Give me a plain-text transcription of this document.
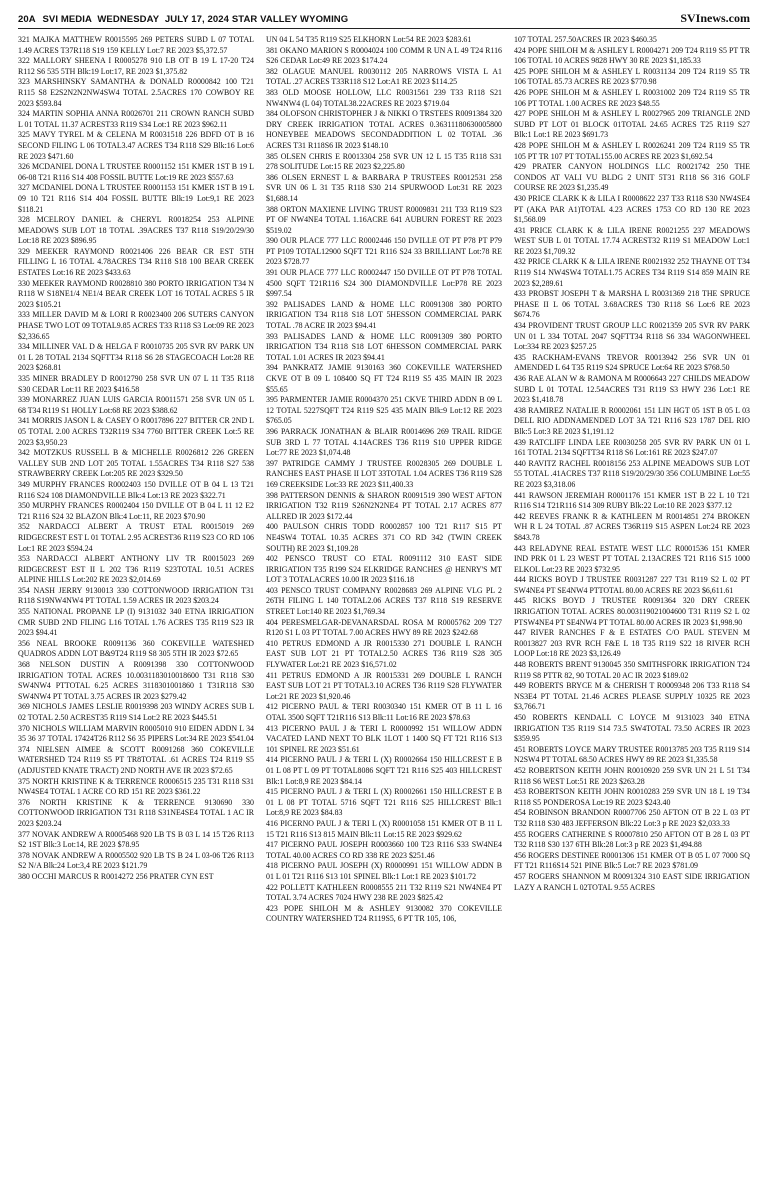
20A SVI MEDIA WEDNESDAY JULY 17, 2024 STAR VALLEY WYOMING	SVInews.com

321 MAJKA MATTHEW R0015595 269 PETERS SUBD L 07 TOTAL 1.49 ACRES T37R118 S19 159 KELLY Lot:7 RE 2023 $5,372.57

322 MALLORY SHEENA I R0005278 910 LB OT B 19 L 17-20 T24 R112 S6 535 5TH Blk:19 Lot:17, RE 2023 $1,375.82

323 MARSHINSKY SAMANTHA & DONALD R0000842 100 T21 R115 S8 E2S2N2N2NW4SW4 TOTAL 2.5ACRES 170 COWBOY RE 2023 $593.84

324 MARTIN SOPHIA ANNA R0026701 211 CROWN RANCH SUBD L 01 TOTAL 11.37 ACREST33 R119 S34 Lot:1 RE 2023 $962.11

325 MAVY TYREL M & CELENA M R0031518 226 BDFD OT B 16 SECOND FILING L 06 TOTAL3.47 ACRES T34 R118 S29 Blk:16 Lot:6 RE 2023 $471.60

326 MCDANIEL DONA L TRUSTEE R0001152 151 KMER 1ST B 19 L 06-08 T21 R116 S14 408 FOSSIL BUTTE Lot:19 RE 2023 $557.63

327 MCDANIEL DONA L TRUSTEE R0001153 151 KMER 1ST B 19 L 09 10 T21 R116 S14 404 FOSSIL BUTTE Blk:19 Lot:9,1 RE 2023 $118.21

328 MCELROY DANIEL & CHERYL R0018254 253 ALPINE MEADOWS SUB LOT 18 TOTAL .39ACRES T37 R118 S19/20/29/30 Lot:18 RE 2023 $896.95

329 MEEKER RAYMOND R0021406 226 BEAR CR EST 5TH FILLING L 16 TOTAL 4.78ACRES T34 R118 S18 100 BEAR CREEK ESTATES Lot:16 RE 2023 $433.63

330 MEEKER RAYMOND R0028810 380 PORTO IRRIGATION T34 N R118 W S18NE1/4 NE1/4 BEAR CREEK LOT 16 TOTAL ACRES 5 IR 2023 $105.21

333 MILLER DAVID M & LORI R R0023400 206 SUTERS CANYON PHASE TWO LOT 09 TOTAL9.85 ACRES T33 R118 S3 Lot:09 RE 2023 $2,336.65

334 MILLINER VAL D & HELGA F R0010735 205 SVR RV PARK UN 01 L 28 TOTAL 2134 SQFTT34 R118 S6 28 STAGECOACH Lot:28 RE 2023 $268.81

335 MINER BRADLEY D R0012790 258 SVR UN 07 L 11 T35 R118 S30 CEDAR Lot:11 RE 2023 $416.58

339 MONARREZ JUAN LUIS GARCIA R0011571 258 SVR UN 05 L 68 T34 R119 S1 HOLLY Lot:68 RE 2023 $388.62

341 MORRIS JASON L & CASEY O R0017896 227 BITTER CR 2ND L 05 TOTAL 2.00 ACRES T32R119 S34 7760 BITTER CREEK Lot:5 RE 2023 $3,950.23

342 MOTZKUS RUSSELL B & MICHELLE R0026812 226 GREEN VALLEY SUB 2ND LOT 205 TOTAL 1.55ACRES T34 R118 S27 538 STRAWBERRY CREEK Lot:205 RE 2023 $329.50

349 MURPHY FRANCES R0002403 150 DVILLE OT B 04 L 13 T21 R116 S24 108 DIAMONDVILLE Blk:4 Lot:13 RE 2023 $322.71

350 MURPHY FRANCES R0002404 150 DVILLE OT B 04 L 11 12 E2 T21 R116 S24 32 BLAZON Blk:4 Lot:11, RE 2023 $70.90

352 NARDACCI ALBERT A TRUST ETAL R0015019 269 RIDGECREST EST L 01 TOTAL 2.95 ACREST36 R119 S23 CO RD 106 Lot:1 RE 2023 $594.24

353 NARDACCI ALBERT ANTHONY LIV TR R0015023 269 RIDGECREST EST II L 202 T36 R119 S23TOTAL 10.51 ACRES ALPINE HILLS Lot:202 RE 2023 $2,014.69

354 NASH JERRY 9130013 330 COTTONWOOD IRRIGATION T31 R118 S19NW4NW4 PT TOTAL 1.59 ACRES IR 2023 $203.24

355 NATIONAL PROPANE LP (I) 9131032 340 ETNA IRRIGATION CMR SUBD 2ND FILING L16 TOTAL 1.76 ACRES T35 R119 S23 IR 2023 $94.41

356 NEAL BROOKE R0091136 360 COKEVILLE WATESHED QUADROS ADDN LOT B&9T24 R119 S8 305 5TH IR 2023 $72.65

368 NELSON DUSTIN A R0091398 330 COTTONWOOD IRRIGATION TOTAL ACRES 10.0031183010018600 T31 R118 S30 SW4NW4 PTTOTAL 6.25 ACRES 3118301001860 1 T31R118 S30 SW4NW4 PT TOTAL 3.75 ACRES IR 2023 $279.42

369 NICHOLS JAMES LESLIE R0019398 203 WINDY ACRES SUB L 02 TOTAL 2.50 ACREST35 R119 S14 Lot:2 RE 2023 $445.51

370 NICHOLS WILLIAM MARVIN R0005010 910 EIDEN ADDN L 34 35 36 37 TOTAL 17424T26 R112 S6 35 PIPERS Lot:34 RE 2023 $541.04

374 NIELSEN AIMEE & SCOTT R0091268 360 COKEVILLE WATERSHED T24 R119 S5 PT TR8TOTAL .61 ACRES T24 R119 S5 (ADJUSTED KNATE TRACT) 2ND NORTH AVE IR 2023 $72.65

375 NORTH KRISTINE K & TERRENCE R0006515 235 T31 R118 S31 NW4SE4 TOTAL 1 ACRE CO RD 151 RE 2023 $361.22

376 NORTH KRISTINE K & TERRENCE 9130690 330 COTTONWOOD IRRIGATION T31 R118 S31NE4SE4 TOTAL 1 AC IR 2023 $203.24

377 NOVAK ANDREW A R0005468 920 LB TS B 03 L 14 15 T26 R113 S2 1ST Blk:3 Lot:14, RE 2023 $78.95

378 NOVAK ANDREW A R0005502 920 LB TS B 24 L 03-06 T26 R113 S2 N/A Blk:24 Lot:3,4 RE 2023 $121.79

380 OCCHI MARCUS R R0014272 256 PRATER CYN EST

UN 04 L 54 T35 R119 S25 ELKHORN Lot:54 RE 2023 $283.61

381 OKANO MARION S R0004024 100 COMM R UN A L 49 T24 R116 S26 CEDAR Lot:49 RE 2023 $174.24

382 OLAGUE MANUEL R0030112 205 NARROWS VISTA L A1 TOTAL .27 ACRES T33R118 S12 Lot:A1 RE 2023 $114.25

383 OLD MOOSE HOLLOW, LLC R0031561 239 T33 R118 S21 NW4NW4 (L 04) TOTAL38.22ACRES RE 2023 $719.04

384 OLOFSON CHRISTOPHER J & NIKKI O TRSTEES R0091384 320 DRY CREEK IRRIGATION TOTAL ACRES 0.36311180630005800 HONEYBEE MEADOWS SECONDADDITION L 02 TOTAL .36 ACRES T31 R118S6 IR 2023 $148.10

385 OLSEN CHRIS E R0013304 258 SVR UN 12 L 15 T35 R118 S31 278 SOLITUDE Lot:15 RE 2023 $2,225.80

386 OLSEN ERNEST L & BARBARA P TRUSTEES R0012531 258 SVR UN 06 L 31 T35 R118 S30 214 SPURWOOD Lot:31 RE 2023 $1,688.14

388 ORTON MAXIENE LIVING TRUST R0009831 211 T33 R119 S23 PT OF NW4NE4 TOTAL 1.16ACRE 641 AUBURN FOREST RE 2023 $519.02

390 OUR PLACE 777 LLC R0002446 150 DVILLE OT PT P78 PT P79 PT P109 TOTAL12900 SQFT T21 R116 S24 33 BRILLIANT Lot:78 RE 2023 $728.77

391 OUR PLACE 777 LLC R0002447 150 DVILLE OT PT P78 TOTAL 4500 SQFT T21R116 S24 300 DIAMONDVILLE Lot:P78 RE 2023 $997.54

392 PALISADES LAND & HOME LLC R0091308 380 PORTO IRRIGATION T34 R118 S18 LOT 5HESSON COMMERCIAL PARK TOTAL .78 ACRE IR 2023 $94.41

393 PALISADES LAND & HOME LLC R0091309 380 PORTO IRRIGATION T34 R118 S18 LOT 6HESSON COMMERCIAL PARK TOTAL 1.01 ACRES IR 2023 $94.41

394 PANKRATZ JAMIE 9130163 360 COKEVILLE WATERSHED CKVE OT B 09 L 108400 SQ FT T24 R119 S5 435 MAIN IR 2023 $55.65

395 PARMENTER JAMIE R0004370 251 CKVE THIRD ADDN B 09 L 12 TOTAL 5227SQFT T24 R119 S25 435 MAIN Blk:9 Lot:12 RE 2023 $765.05

396 PARRACK JONATHAN & BLAIR R0014696 269 TRAIL RIDGE SUB 3RD L 77 TOTAL 4.14ACRES T36 R119 S10 UPPER RIDGE Lot:77 RE 2023 $1,074.48

397 PATRIDGE CAMMY J TRUSTEE R0028305 269 DOUBLE L RANCHES EAST PHASE II LOT 33TOTAL 1.04 ACRES T36 R119 S28 169 CREEKSIDE Lot:33 RE 2023 $11,400.33

398 PATTERSON DENNIS & SHARON R0091519 390 WEST AFTON IRRIGATION T32 R119 S26N2N2NE4 PT TOTAL 2.17 ACRES 877 ALLRED IR 2023 $172.44

400 PAULSON CHRIS TODD R0002857 100 T21 R117 S15 PT NE4SW4 TOTAL 10.35 ACRES 371 CO RD 342 (TWIN CREEK SOUTH) RE 2023 $1,109.28

402 PENSCO TRUST CO ETAL R0091112 310 EAST SIDE IRRIGATION T35 R199 S24 ELKRIDGE RANCHES @ HENRY'S MT LOT 3 TOTALACRES 10.00 IR 2023 $116.18

403 PENSCO TRUST COMPANY R0028683 269 ALPINE VLG PL 2 26TH FILING L 140 TOTAL2.06 ACRES T37 R118 S19 RESERVE STREET Lot:140 RE 2023 $1,769.34

404 PERESMELGAR-DEVANARSDAL ROSA M R0005762 209 T27 R120 S1 L 03 PT TOTAL 7.00 ACRES HWY 89 RE 2023 $242.68

410 PETRUS EDMOND A JR R0015330 271 DOUBLE L RANCH EAST SUB LOT 21 PT TOTAL2.50 ACRES T36 R119 S28 305 FLYWATER Lot:21 RE 2023 $16,571.02

411 PETRUS EDMOND A JR R0015331 269 DOUBLE L RANCH EAST SUB LOT 21 PT TOTAL3.10 ACRES T36 R119 S28 FLYWATER Lot:21 RE 2023 $1,920.46

412 PICERNO PAUL & TERI R0030340 151 KMER OT B 11 L 16 OTAL 3500 SQFT T21R116 S13 Blk:11 Lot:16 RE 2023 $78.63

413 PICERNO PAUL J & TERI L R0000992 151 WILLOW ADDN VACATED LAND NEXT TO BLK 1LOT 1 1400 SQ FT T21 R116 S13 101 SPINEL RE 2023 $51.61

414 PICERNO PAUL J & TERI L (X) R0002664 150 HILLCREST E B 01 L 08 PT L 09 PT TOTAL8086 SQFT T21 R116 S25 403 HILLCREST Blk:1 Lot:8,9 RE 2023 $84.14

415 PICERNO PAUL J & TERI L (X) R0002661 150 HILLCREST E B 01 L 08 PT TOTAL 5716 SQFT T21 R116 S25 HILLCREST Blk:1 Lot:8,9 RE 2023 $84.83

416 PICERNO PAUL J & TERI L (X) R0001058 151 KMER OT B 11 L 15 T21 R116 S13 815 MAIN Blk:11 Lot:15 RE 2023 $929.62

417 PICERNO PAUL JOSEPH R0003660 100 T23 R116 S33 SW4NE4 TOTAL 40.00 ACRES CO RD 338 RE 2023 $251.46

418 PICERNO PAUL JOSEPH (X) R0000991 151 WILLOW ADDN B 01 L 01 T21 R116 S13 101 SPINEL Blk:1 Lot:1 RE 2023 $101.72

422 POLLETT KATHLEEN R0008555 211 T32 R119 S21 NW4NE4 PT TOTAL 3.74 ACRES 7024 HWY 238 RE 2023 $825.42

423 POPE SHILOH M & ASHLEY 9130082 370 COKEVILLE COUNTRY WATERSHED T24 R119S5, 6 PT TR 105, 106,

107 TOTAL 257.50ACRES IR 2023 $460.35

424 POPE SHILOH M & ASHLEY L R0004271 209 T24 R119 S5 PT TR 106 TOTAL 10 ACRES 9828 HWY 30 RE 2023 $1,185.33

425 POPE SHILOH M & ASHLEY L R0031134 209 T24 R119 S5 TR 106 TOTAL 85.73 ACRES RE 2023 $770.98

426 POPE SHILOH M & ASHLEY L R0031002 209 T24 R119 S5 TR 106 PT TOTAL 1.00 ACRES RE 2023 $48.55

427 POPE SHILOH M & ASHLEY L R0027965 209 TRIANGLE 2ND SUBD PT LOT 01 BLOCK 01TOTAL 24.65 ACRES T25 R119 S27 Blk:1 Lot:1 RE 2023 $691.73

428 POPE SHILOH M & ASHLEY L R0026241 209 T24 R119 S5 TR 105 PT TR 107 PT TOTAL155.00 ACRES RE 2023 $1,692.54

429 PRATER CANYON HOLDINGS LLC R0021742 250 THE CONDOS AT VALI VU BLDG 2 UNIT 5T31 R118 S6 316 GOLF COURSE RE 2023 $1,235.49

430 PRICE CLARK K & LILA I R0008622 237 T33 R118 S30 NW4SE4 PT (AKA PAR A1)TOTAL 4.23 ACRES 1753 CO RD 130 RE 2023 $1,568.09

431 PRICE CLARK K & LILA IRENE R0021255 237 MEADOWS WEST SUB L 01 TOTAL 17.74 ACREST32 R119 S1 MEADOW Lot:1 RE 2023 $1,709.32

432 PRICE CLARK K & LILA IRENE R0021932 252 THAYNE OT T34 R119 S14 NW4SW4 TOTAL1.75 ACRES T34 R119 S14 859 MAIN RE 2023 $2,289.61

433 PROBST JOSEPH T & MARSHA L R0031369 218 THE SPRUCE PHASE II L 06 TOTAL 3.68ACRES T30 R118 S6 Lot:6 RE 2023 $674.76

434 PROVIDENT TRUST GROUP LLC R0021359 205 SVR RV PARK UN 01 L 334 TOTAL 2047 SQFTT34 R118 S6 334 WAGONWHEEL Lot:334 RE 2023 $257.25

435 RACKHAM-EVANS TREVOR R0013942 256 SVR UN 01 AMENDED L 64 T35 R119 S24 SPRUCE Lot:64 RE 2023 $768.50

436 RAE ALAN W & RAMONA M R0006643 227 CHILDS MEADOW SUBD L 01 TOTAL 12.54ACRES T31 R119 S3 HWY 236 Lot:1 RE 2023 $1,418.78

438 RAMIREZ NATALIE R R0002061 151 LIN HGT 05 1ST B 05 L 03 DELL RIO ADDNAMENDED LOT 3A T21 R116 S23 1787 DEL RIO Blk:5 Lot:3 RE 2023 $1,191.12

439 RATCLIFF LINDA LEE R0030258 205 SVR RV PARK UN 01 L 161 TOTAL 2134 SQFTT34 R118 S6 Lot:161 RE 2023 $247.07

440 RAVITZ RACHEL R0018156 253 ALPINE MEADOWS SUB LOT 55 TOTAL .41ACRES T37 R118 S19/20/29/30 356 COLUMBINE Lot:55 RE 2023 $3,318.06

441 RAWSON JEREMIAH R0001176 151 KMER 1ST B 22 L 10 T21 R116 S14 T21R116 S14 309 RUBY Blk:22 Lot:10 RE 2023 $377.12

442 REEVES FRANK R & KATHLEEN M R0014851 274 BROKEN WH R L 24 TOTAL .87 ACRES T36R119 S15 ASPEN Lot:24 RE 2023 $843.78

443 RELADYNE REAL ESTATE WEST LLC R0001536 151 KMER IND PRK 01 L 23 WEST PT TOTAL 2.13ACRES T21 R116 S15 1000 ELKOL Lot:23 RE 2023 $732.95

444 RICKS BOYD J TRUSTEE R0031287 227 T31 R119 S2 L 02 PT SW4NE4 PT SE4NW4 PTTOTAL 80.00 ACRES RE 2023 $6,611.61

445 RICKS BOYD J TRUSTEE R0091364 320 DRY CREEK IRRIGATION TOTAL ACRES 80.003119021004600 T31 R119 S2 L 02 PTSW4NE4 PT SE4NW4 PT TOTAL 80.00 ACRES IR 2023 $1,998.90

447 RIVER RANCHES F & E ESTATES C/O PAUL STEVEN M R0013827 203 RVR RCH F&E L 18 T35 R119 S22 18 RIVER RCH LOOP Lot:18 RE 2023 $3,126.49

448 ROBERTS BRENT 9130045 350 SMITHSFORK IRRIGATION T24 R119 S8 PTTR 82, 90 TOTAL 20 AC IR 2023 $189.02

449 ROBERTS BRYCE M & CHERISH T R0009348 206 T33 R118 S4 NS3E4 PT TOTAL 21.46 ACRES PLEASE SUPPLY 10325 RE 2023 $3,766.71

450 ROBERTS KENDALL C LOYCE M 9131023 340 ETNA IRRIGATION T35 R119 S14 73.5 SW4TOTAL 73.50 ACRES IR 2023 $359.95

451 ROBERTS LOYCE MARY TRUSTEE R0013785 203 T35 R119 S14 N2SW4 PT TOTAL 68.50 ACRES HWY 89 RE 2023 $1,335.58

452 ROBERTSON KEITH JOHN R0010920 259 SVR UN 21 L 51 T34 R118 S6 WEST Lot:51 RE 2023 $263.28

453 ROBERTSON KEITH JOHN R0010283 259 SVR UN 18 L 19 T34 R118 S5 PONDEROSA Lot:19 RE 2023 $243.40

454 ROBINSON BRANDON R0007706 250 AFTON OT B 22 L 03 PT T32 R118 S30 483 JEFFERSON Blk:22 Lot:3 p RE 2023 $2,033.33

455 ROGERS CATHERINE S R0007810 250 AFTON OT B 28 L 03 PT T32 R118 S30 137 6TH Blk:28 Lot:3 p RE 2023 $1,494.88

456 ROGERS DESTINEE R0001306 151 KMER OT B 05 L 07 7000 SQ FT T21 R116S14 521 PINE Blk:5 Lot:7 RE 2023 $781.09

457 ROGERS SHANNON M R0091324 310 EAST SIDE IRRIGATION LAZY A RANCH L 02TOTAL 9.55 ACRES
